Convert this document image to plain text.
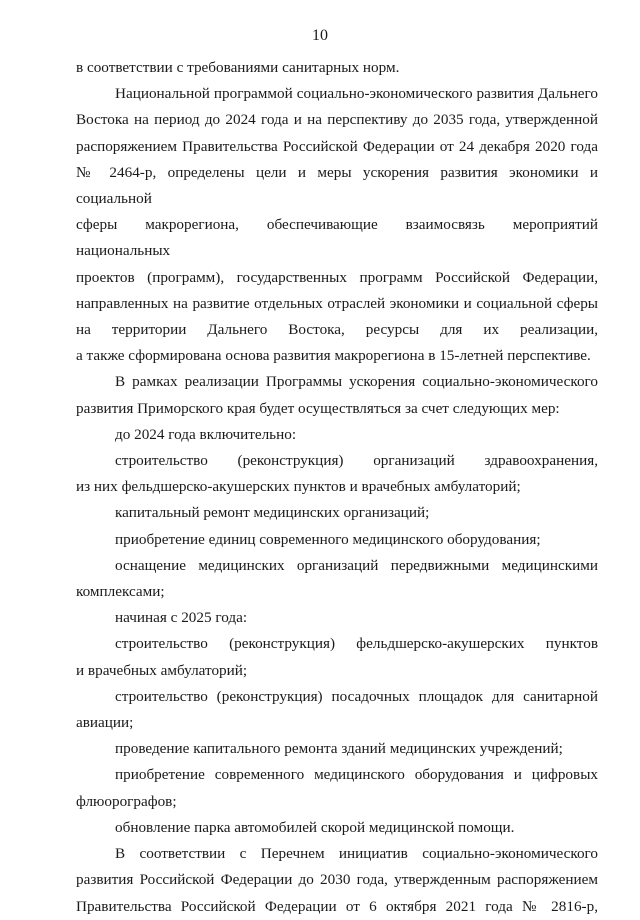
10

в соответствии с требованиями санитарных норм.

Национальной программой социально-экономического развития Дальнего
Востока на период до 2024 года и на перспективу до 2035 года, утвержденной
распоряжением Правительства Российской Федерации от 24 декабря 2020 года
№ 2464-р, определены цели и меры ускорения развития экономики и социальной
сферы макрорегиона, обеспечивающие взаимосвязь мероприятий национальных
проектов (программ), государственных программ Российской Федерации,
направленных на развитие отдельных отраслей экономики и социальной сферы
на территории Дальнего Востока, ресурсы для их реализации,
а также сформирована основа развития макрорегиона в 15-летней перспективе.

В рамках реализации Программы ускорения социально-экономического
развития Приморского края будет осуществляться за счет следующих мер:

до 2024 года включительно:

строительство (реконструкция) организаций здравоохранения,
из них фельдшерско-акушерских пунктов и врачебных амбулаторий;

капитальный ремонт медицинских организаций;

приобретение единиц современного медицинского оборудования;

оснащение медицинских организаций передвижными медицинскими
комплексами;

начиная с 2025 года:

строительство (реконструкция) фельдшерско-акушерских пунктов
и врачебных амбулаторий;

строительство (реконструкция) посадочных площадок для санитарной
авиации;

проведение капитального ремонта зданий медицинских учреждений;

приобретение современного медицинского оборудования и цифровых
флюорографов;

обновление парка автомобилей скорой медицинской помощи.

В соответствии с Перечнем инициатив социально-экономического
развития Российской Федерации до 2030 года, утвержденным распоряжением
Правительства Российской Федерации от 6 октября 2021 года № 2816-р,
